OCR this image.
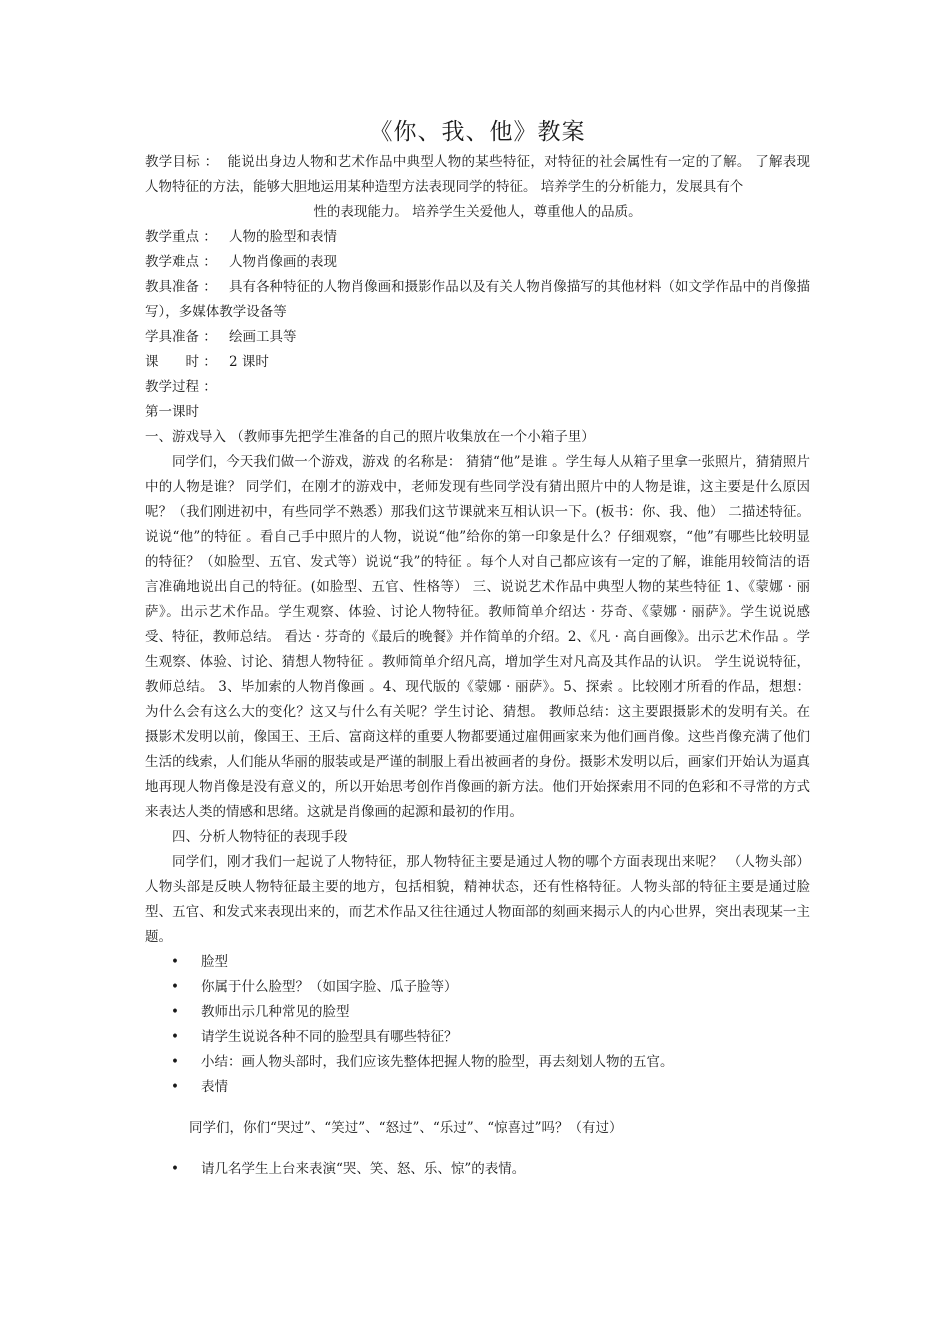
《你、我、他》教案

教学目标 ： 能说出身边人物和艺术作品中典型人物的某些特征，对特征的社会属性有一定的了解。 了解表现人物特征的方法，能够大胆地运用某种造型方法表现同学的特征。 培养学生的分析能力，发展具有个

性的表现能力。 培养学生关爱他人，尊重他人的品质。

教学重点 ： 人物的脸型和表情

教学难点 ： 人物肖像画的表现

教具准备 ： 具有各种特征的人物肖像画和摄影作品以及有关人物肖像描写的其他材料（如文学作品中的肖像描写），多媒体教学设备等

学具准备 ： 绘画工具等

课　　时 ： 2 课时

教学过程 ：

第一课时

一、游戏导入 （教师事先把学生准备的自己的照片收集放在一个小箱子里）

同学们，今天我们做一个游戏，游戏 的名称是： 猜猜“他”是谁 。学生每人从箱子里拿一张照片，猜猜照片中的人物是谁？ 同学们，在刚才的游戏中，老师发现有些同学没有猜出照片中的人物是谁，这主要是什么原因呢？（我们刚进初中，有些同学不熟悉）那我们这节课就来互相认识一下。(板书：你、我、他） 二描述特征。说说“他”的特征 。看自己手中照片的人物，说说“他”给你的第一印象是什么？仔细观察，“他”有哪些比较明显的特征？（如脸型、五官、发式等）说说“我”的特征 。每个人对自己都应该有一定的了解，谁能用较简洁的语言准确地说出自己的特征。(如脸型、五官、性格等） 三、说说艺术作品中典型人物的某些特征 1、《蒙娜 · 丽萨》。出示艺术作品。学生观察、体验、讨论人物特征。教师简单介绍达 · 芬奇、《蒙娜 · 丽萨》。学生说说感受、特征，教师总结。 看达 · 芬奇的《最后的晚餐》并作简单的介绍。2、《凡 · 高自画像》。出示艺术作品 。学生观察、体验、讨论、猜想人物特征 。教师简单介绍凡高，增加学生对凡高及其作品的认识。 学生说说特征，教师总结。 3、毕加索的人物肖像画 。4、现代版的《蒙娜 · 丽萨》。5、探索 。比较刚才所看的作品，想想：为什么会有这么大的变化？这又与什么有关呢？学生讨论、猜想。 教师总结：这主要跟摄影术的发明有关。在摄影术发明以前，像国王、王后、富商这样的重要人物都要通过雇佣画家来为他们画肖像。这些肖像充满了他们生活的线索，人们能从华丽的服装或是严谨的制服上看出被画者的身份。摄影术发明以后，画家们开始认为逼真地再现人物肖像是没有意义的，所以开始思考创作肖像画的新方法。他们开始探索用不同的色彩和不寻常的方式来表达人类的情感和思绪。这就是肖像画的起源和最初的作用。

四、分析人物特征的表现手段

同学们，刚才我们一起说了人物特征，那人物特征主要是通过人物的哪个方面表现出来呢？ （人物头部） 人物头部是反映人物特征最主要的地方，包括相貌，精神状态，还有性格特征。人物头部的特征主要是通过脸型、五官、和发式来表现出来的，而艺术作品又往往通过人物面部的刻画来揭示人的内心世界，突出表现某一主题。

• 脸型
• 你属于什么脸型？（如国字脸、瓜子脸等）
• 教师出示几种常见的脸型
• 请学生说说各种不同的脸型具有哪些特征？
• 小结：画人物头部时，我们应该先整体把握人物的脸型，再去刻划人物的五官。
• 表情

同学们，你们“哭过”、“笑过”、“怒过”、“乐过”、“惊喜过”吗？（有过）

• 请几名学生上台来表演“哭、笑、怒、乐、惊”的表情。
